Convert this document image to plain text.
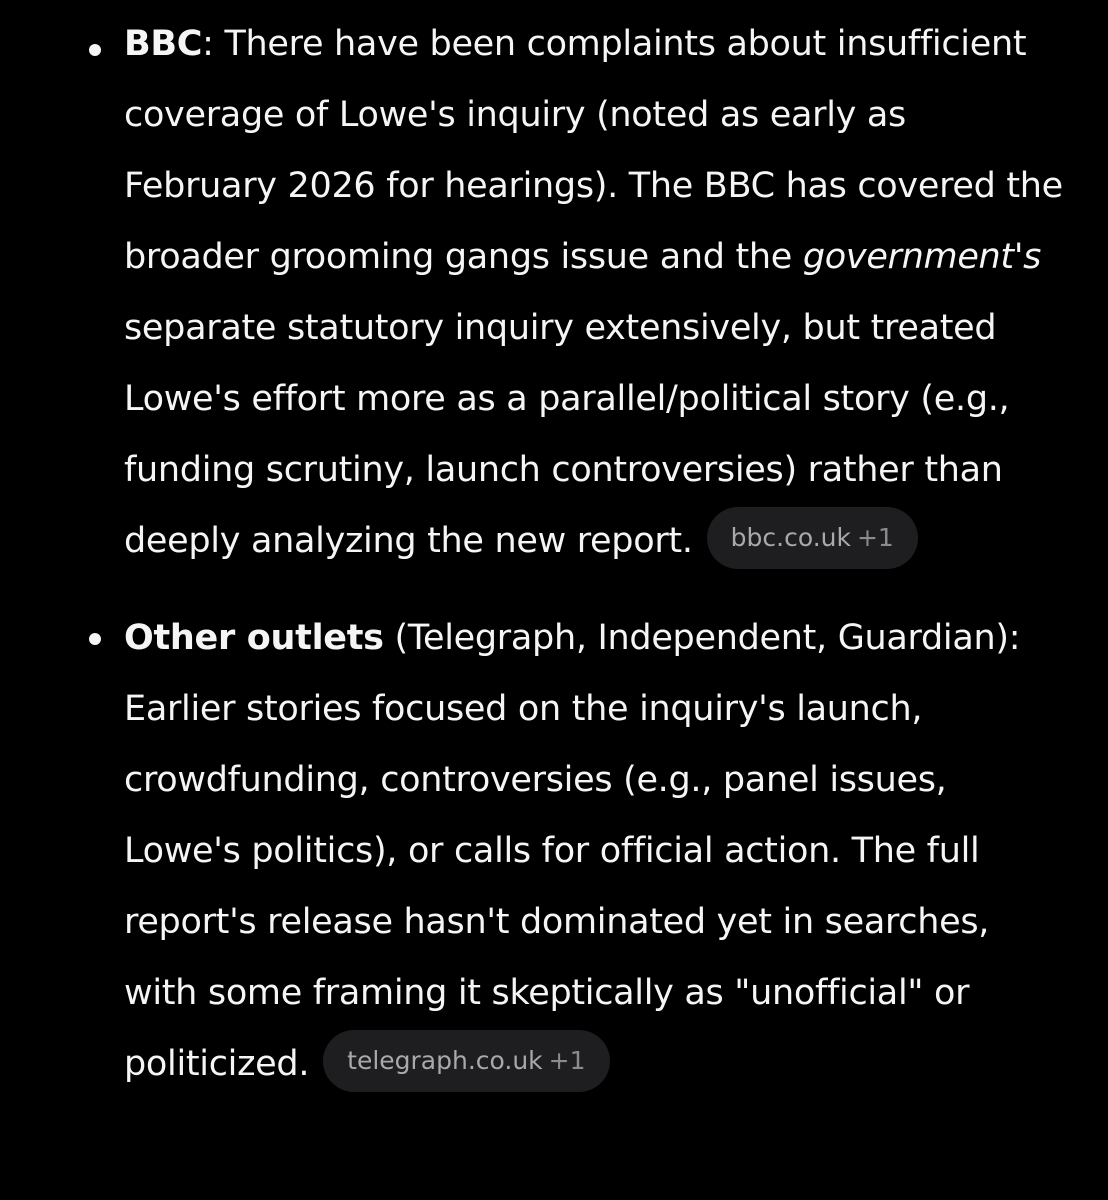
BBC: There have been complaints about insufficient coverage of Lowe's inquiry (noted as early as February 2026 for hearings). The BBC has covered the broader grooming gangs issue and the government's separate statutory inquiry extensively, but treated Lowe's effort more as a parallel/political story (e.g., funding scrutiny, launch controversies) rather than deeply analyzing the new report. bbc.co.uk +1
Other outlets (Telegraph, Independent, Guardian): Earlier stories focused on the inquiry's launch, crowdfunding, controversies (e.g., panel issues, Lowe's politics), or calls for official action. The full report's release hasn't dominated yet in searches, with some framing it skeptically as "unofficial" or politicized. telegraph.co.uk +1
